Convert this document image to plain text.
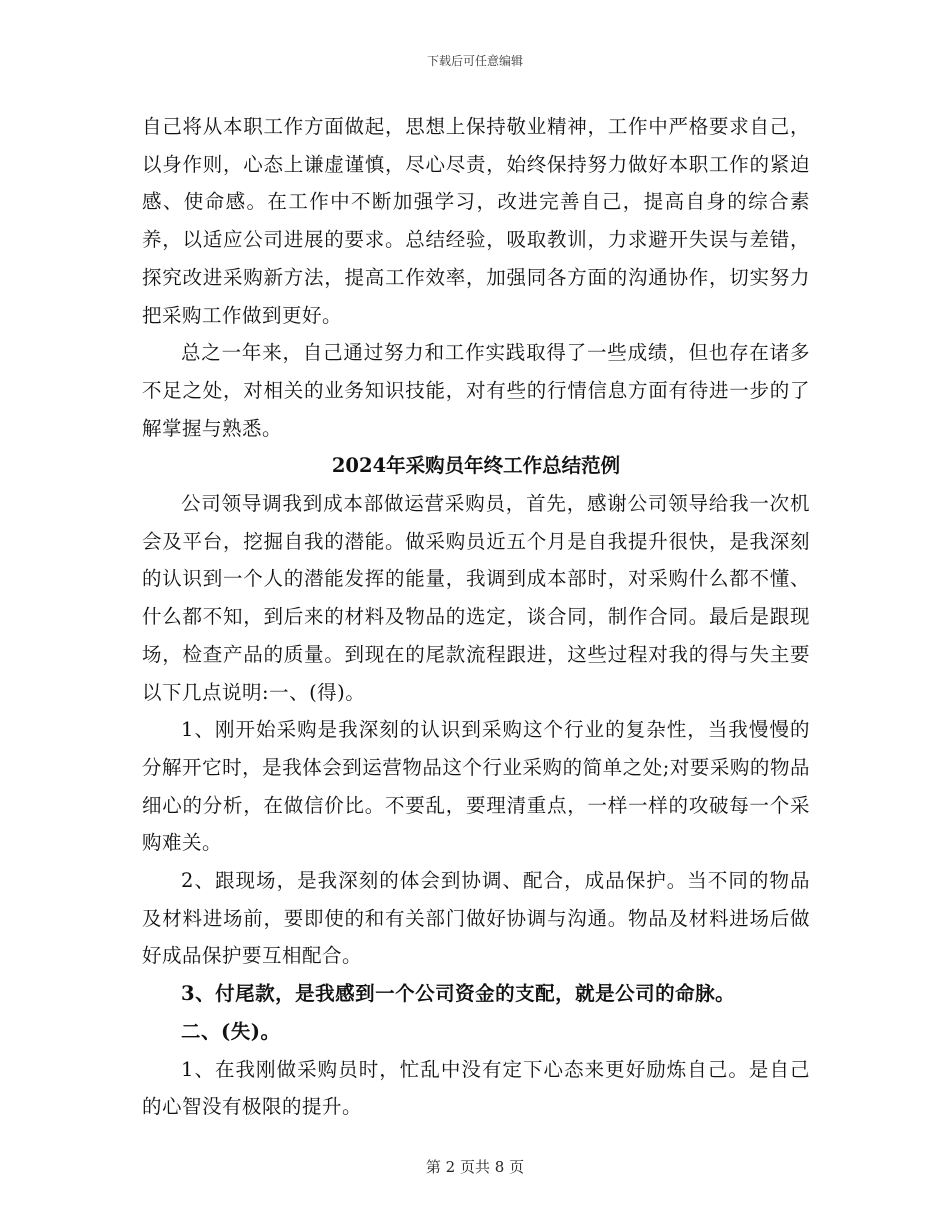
下载后可任意编辑

自己将从本职工作方面做起，思想上保持敬业精神，工作中严格要求自己，以身作则，心态上谦虚谨慎，尽心尽责，始终保持努力做好本职工作的紧迫感、使命感。在工作中不断加强学习，改进完善自己，提高自身的综合素养，以适应公司进展的要求。总结经验，吸取教训，力求避开失误与差错，探究改进采购新方法，提高工作效率，加强同各方面的沟通协作，切实努力把采购工作做到更好。

总之一年来，自己通过努力和工作实践取得了一些成绩，但也存在诸多不足之处，对相关的业务知识技能，对有些的行情信息方面有待进一步的了解掌握与熟悉。

2024年采购员年终工作总结范例

公司领导调我到成本部做运营采购员，首先，感谢公司领导给我一次机会及平台，挖掘自我的潜能。做采购员近五个月是自我提升很快，是我深刻的认识到一个人的潜能发挥的能量，我调到成本部时，对采购什么都不懂、什么都不知，到后来的材料及物品的选定，谈合同，制作合同。最后是跟现场，检查产品的质量。到现在的尾款流程跟进，这些过程对我的得与失主要以下几点说明:一、(得)。

1、刚开始采购是我深刻的认识到采购这个行业的复杂性，当我慢慢的分解开它时，是我体会到运营物品这个行业采购的简单之处;对要采购的物品细心的分析，在做信价比。不要乱，要理清重点，一样一样的攻破每一个采购难关。

2、跟现场，是我深刻的体会到协调、配合，成品保护。当不同的物品及材料进场前，要即使的和有关部门做好协调与沟通。物品及材料进场后做好成品保护要互相配合。

3、付尾款，是我感到一个公司资金的支配，就是公司的命脉。

二、(失)。

1、在我刚做采购员时，忙乱中没有定下心态来更好励炼自己。是自己的心智没有极限的提升。

第 2 页共 8 页
